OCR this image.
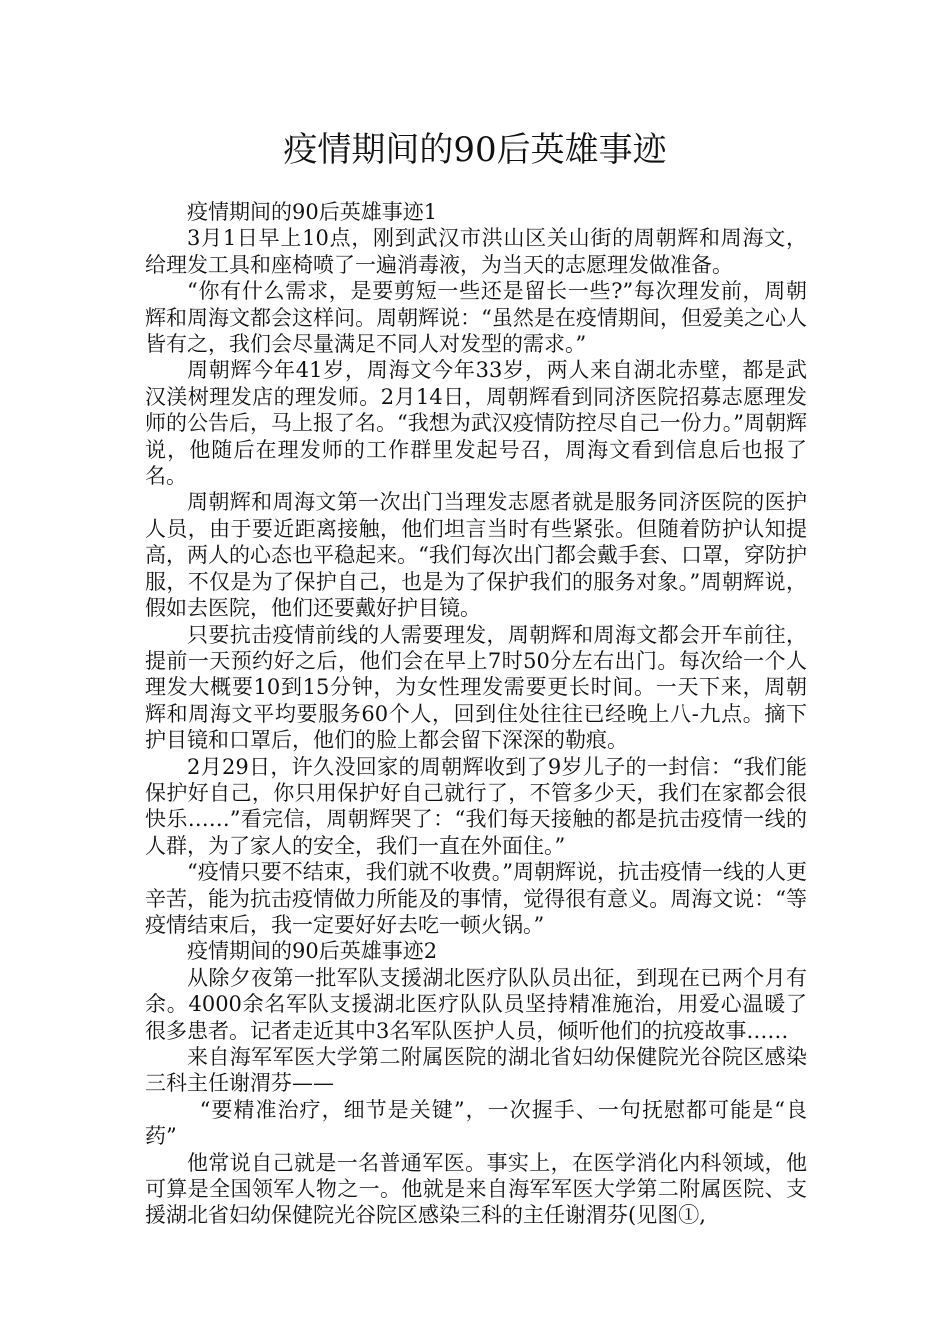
疫情期间的90后英雄事迹

疫情期间的90后英雄事迹1

3月1日早上10点，刚到武汉市洪山区关山街的周朝辉和周海文，给理发工具和座椅喷了一遍消毒液，为当天的志愿理发做准备。

“你有什么需求，是要剪短一些还是留长一些?”每次理发前，周朝辉和周海文都会这样问。周朝辉说：“虽然是在疫情期间，但爱美之心人皆有之，我们会尽量满足不同人对发型的需求。”

周朝辉今年41岁，周海文今年33岁，两人来自湖北赤壁，都是武汉渼树理发店的理发师。2月14日，周朝辉看到同济医院招募志愿理发师的公告后，马上报了名。“我想为武汉疫情防控尽自己一份力。”周朝辉说，他随后在理发师的工作群里发起号召，周海文看到信息后也报了名。

周朝辉和周海文第一次出门当理发志愿者就是服务同济医院的医护人员，由于要近距离接触，他们坦言当时有些紧张。但随着防护认知提高，两人的心态也平稳起来。“我们每次出门都会戴手套、口罩，穿防护服，不仅是为了保护自己，也是为了保护我们的服务对象。”周朝辉说，假如去医院，他们还要戴好护目镜。

只要抗击疫情前线的人需要理发，周朝辉和周海文都会开车前往，提前一天预约好之后，他们会在早上7时50分左右出门。每次给一个人理发大概要10到15分钟，为女性理发需要更长时间。一天下来，周朝辉和周海文平均要服务60个人，回到住处往往已经晚上八-九点。摘下护目镜和口罩后，他们的脸上都会留下深深的勒痕。

2月29日，许久没回家的周朝辉收到了9岁儿子的一封信：“我们能保护好自己，你只用保护好自己就行了，不管多少天，我们在家都会很快乐……”看完信，周朝辉哭了：“我们每天接触的都是抗击疫情一线的人群，为了家人的安全，我们一直在外面住。”

“疫情只要不结束，我们就不收费。”周朝辉说，抗击疫情一线的人更辛苦，能为抗击疫情做力所能及的事情，觉得很有意义。周海文说：“等疫情结束后，我一定要好好去吃一顿火锅。”

疫情期间的90后英雄事迹2

从除夕夜第一批军队支援湖北医疗队队员出征，到现在已两个月有余。4000余名军队支援湖北医疗队队员坚持精准施治，用爱心温暖了很多患者。记者走近其中3名军队医护人员，倾听他们的抗疫故事……

来自海军军医大学第二附属医院的湖北省妇幼保健院光谷院区感染三科主任谢渭芬——

“要精准治疗，细节是关键”，一次握手、一句抚慰都可能是“良药”

他常说自己就是一名普通军医。事实上，在医学消化内科领域，他可算是全国领军人物之一。他就是来自海军军医大学第二附属医院、支援湖北省妇幼保健院光谷院区感染三科的主任谢渭芬(见图①,
